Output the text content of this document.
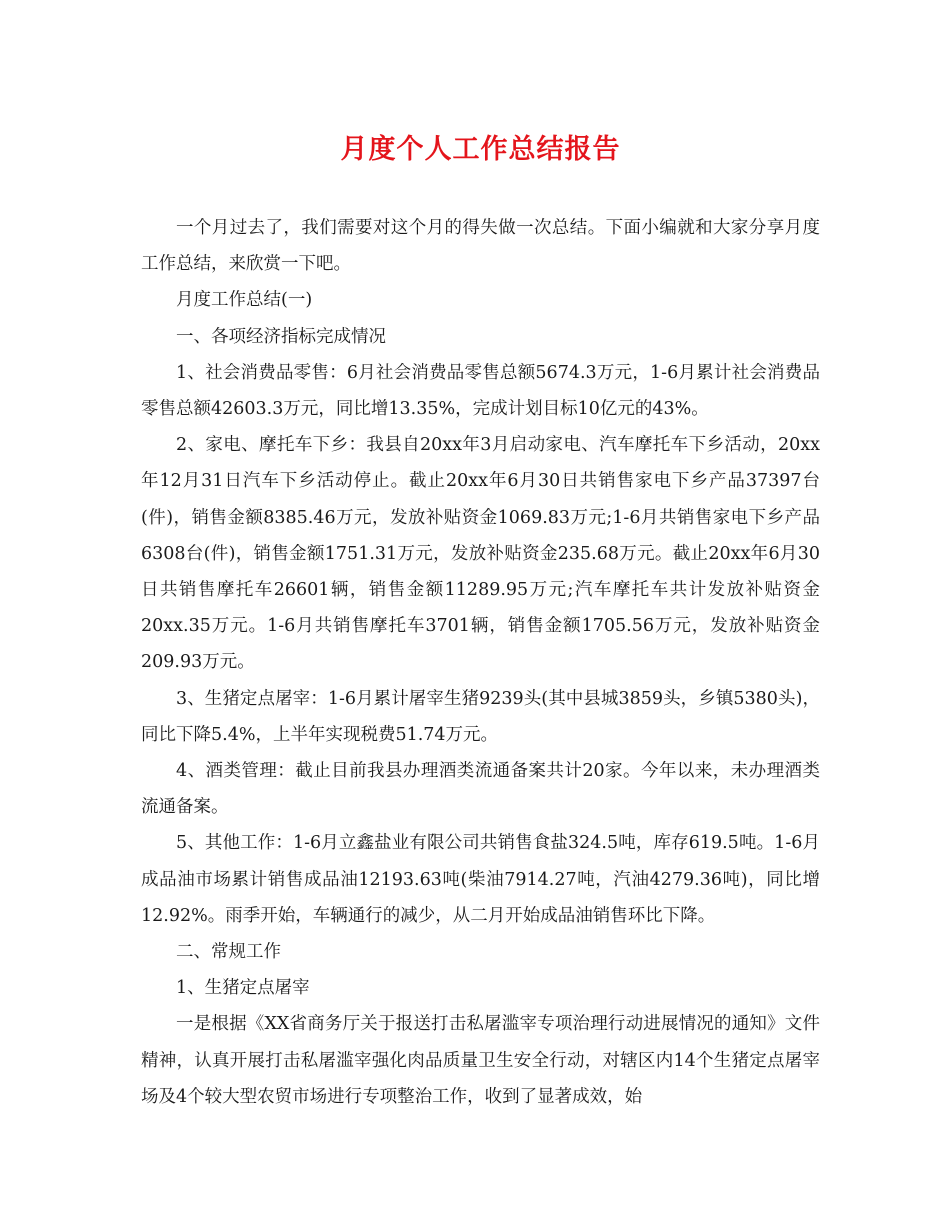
月度个人工作总结报告

一个月过去了，我们需要对这个月的得失做一次总结。下面小编就和大家分享月度工作总结，来欣赏一下吧。

月度工作总结(一)

一、各项经济指标完成情况

1、社会消费品零售：6月社会消费品零售总额5674.3万元，1-6月累计社会消费品零售总额42603.3万元，同比增13.35%，完成计划目标10亿元的43%。

2、家电、摩托车下乡：我县自20xx年3月启动家电、汽车摩托车下乡活动，20xx年12月31日汽车下乡活动停止。截止20xx年6月30日共销售家电下乡产品37397台(件)，销售金额8385.46万元，发放补贴资金1069.83万元;1-6月共销售家电下乡产品6308台(件)，销售金额1751.31万元，发放补贴资金235.68万元。截止20xx年6月30日共销售摩托车26601辆，销售金额11289.95万元;汽车摩托车共计发放补贴资金20xx.35万元。1-6月共销售摩托车3701辆，销售金额1705.56万元，发放补贴资金209.93万元。

3、生猪定点屠宰：1-6月累计屠宰生猪9239头(其中县城3859头，乡镇5380头)，同比下降5.4%，上半年实现税费51.74万元。

4、酒类管理：截止目前我县办理酒类流通备案共计20家。今年以来，未办理酒类流通备案。

5、其他工作：1-6月立鑫盐业有限公司共销售食盐324.5吨，库存619.5吨。1-6月成品油市场累计销售成品油12193.63吨(柴油7914.27吨，汽油4279.36吨)，同比增12.92%。雨季开始，车辆通行的减少，从二月开始成品油销售环比下降。

二、常规工作

1、生猪定点屠宰

一是根据《XX省商务厅关于报送打击私屠滥宰专项治理行动进展情况的通知》文件精神，认真开展打击私屠滥宰强化肉品质量卫生安全行动，对辖区内14个生猪定点屠宰场及4个较大型农贸市场进行专项整治工作，收到了显著成效，始
